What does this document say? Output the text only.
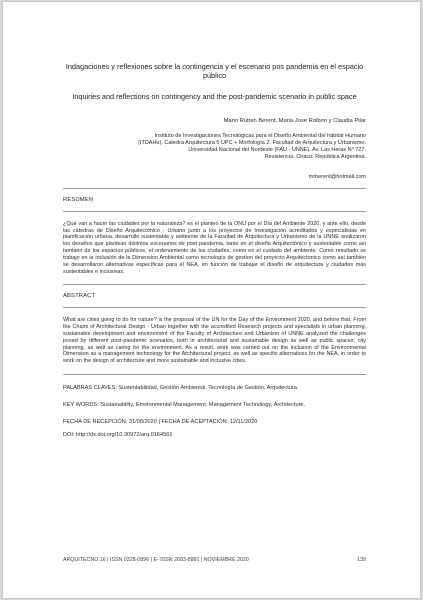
Indagaciones y reflexiones sobre la contingencia y el escenario pos pandemia en el espacio público

Inquiries and reflections on contingency and the post-pandemic scenario in public space

Mario Ruben Berent, Maria Jose Rolbon y Claudia Pilar
Instituto de Investigaciones Tecnológicas para el Diseño Ambiental del hábitat Humano
(ITDAHu). Catedra Arquitectura 5 UPC + Morfología 2. Facultad de Arquitectura y Urbanismo.
Universidad Nacional del Nordeste (FAU - UNNE). Av. Las Heras N° 727.
Resistencia, Chaco. República Argentina.
mrberent@hotmail.com
RESUMEN
¿Qué van a hacer las ciudades por la naturaleza? es el planteo de la ONU por el Día del Ambiente 2020, y ante ello, desde las cátedras de Diseño Arquitectónico - Urbano junto a los proyectos de Investigación acreditados y especialistas en planificación urbana, desarrollo sustentable y ambiente de la Facultad de Arquitectura y Urbanismo de la UNNE analizaron los desafíos que plantean distintos escenarios de post pandemia, tanto en el diseño Arquitectónico y sustentable como así también de los espacios públicos, el ordenamiento de las ciudades, como en el cuidado del ambiente. Como resultado se trabajo en la inclusión de la Dimension Ambiental como tecnología de gestion del proyecto Arquitectonico como así también se desarrollaron alternativas específicas para el NEA, en función de trabajar el diseño de arquitectura y ciudades más sustentables e inclusivas.
ABSTRACT
What are cities going to do for nature? is the proposal of the UN for the Day of the Environment 2020, and before that, From the Chairs of Architectural Design - Urban together with the accredited Research projects and specialists in urban planning, sustainable development and environment of the Faculty of Architecture and Urbanism of UNNE analyzed the challenges posed by different post-pandemic scenarios, both in architectural and sustainable design as well as public spaces, city planning, as well as caring for the environment. As a result, work was carried out on the inclusion of the Environmental Dimension as a management technology for the Architectural project, as well as specific alternatives for the NEA, in order to work on the design of architecture and more sustainable and inclusive cities.
PALABRAS CLAVES: Sustentabilidad, Gestión Ambiental, Tecnología de Gestión, Arquitectura.
KEY WORDS: Sustainability, Environmental Management, Management Technology, Architecture.
FECHA DE RECEPCIÓN: 31/08/2020 | FECHA DE ACEPTACIÓN: 12/11/2020
DOI: http://dx.doi.org/10.30972/arq.0164561
ARQUITECNO 16 | ISSN 0328-0896 | E- ISSN 2683-8881 | NOVIEMBRE 2020	139
